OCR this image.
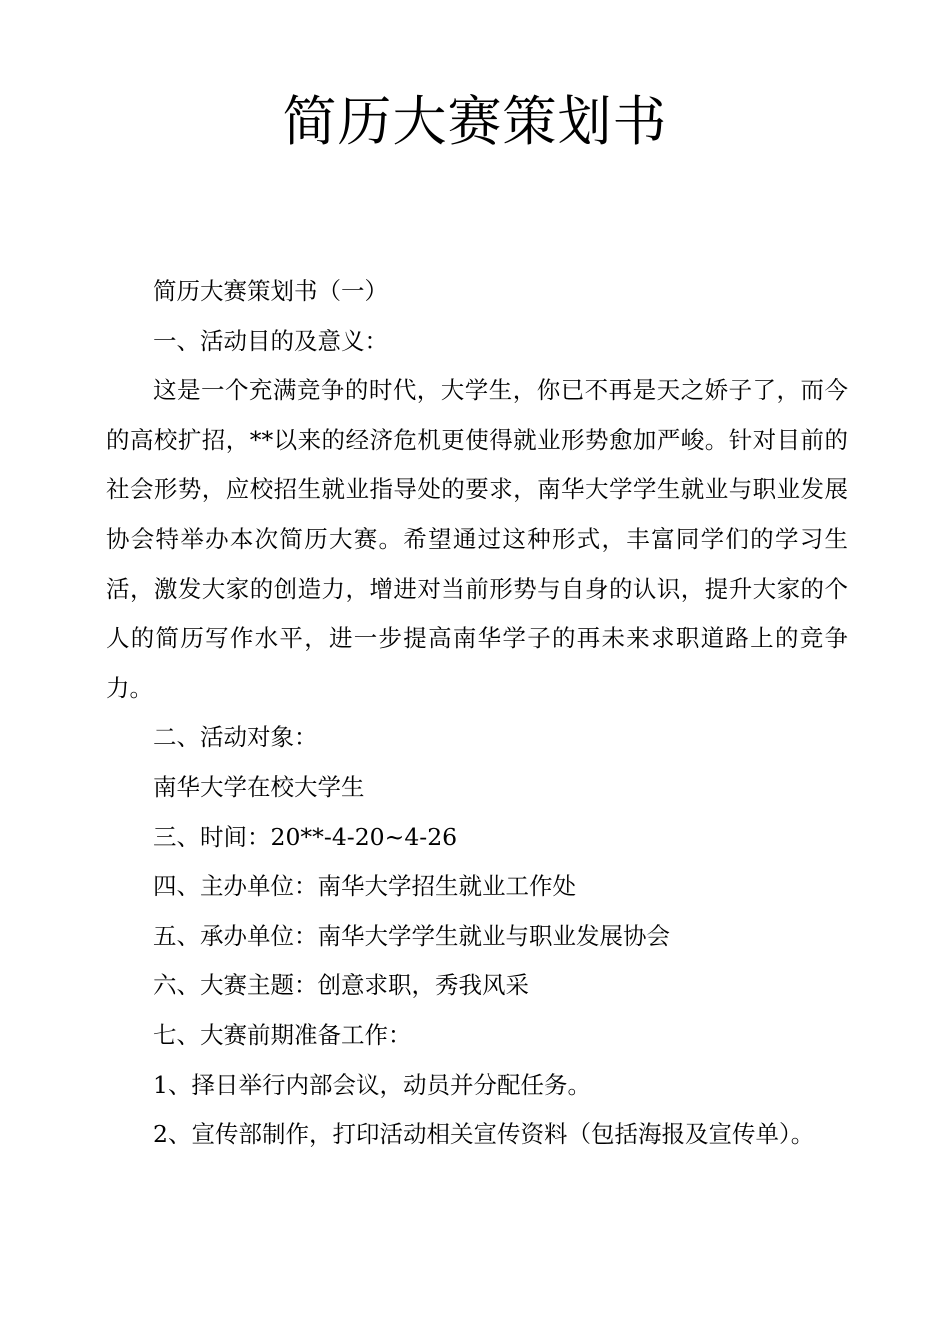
简历大赛策划书

简历大赛策划书（一）

一、活动目的及意义：

这是一个充满竞争的时代，大学生，你已不再是天之娇子了，而今的高校扩招，**以来的经济危机更使得就业形势愈加严峻。针对目前的社会形势，应校招生就业指导处的要求，南华大学学生就业与职业发展协会特举办本次简历大赛。希望通过这种形式，丰富同学们的学习生活，激发大家的创造力，增进对当前形势与自身的认识，提升大家的个人的简历写作水平，进一步提高南华学子的再未来求职道路上的竞争力。

二、活动对象：

南华大学在校大学生

三、时间：20**-4-20~4-26

四、主办单位：南华大学招生就业工作处

五、承办单位：南华大学学生就业与职业发展协会

六、大赛主题：创意求职，秀我风采

七、大赛前期准备工作：

1、择日举行内部会议，动员并分配任务。

2、宣传部制作，打印活动相关宣传资料（包括海报及宣传单）。
